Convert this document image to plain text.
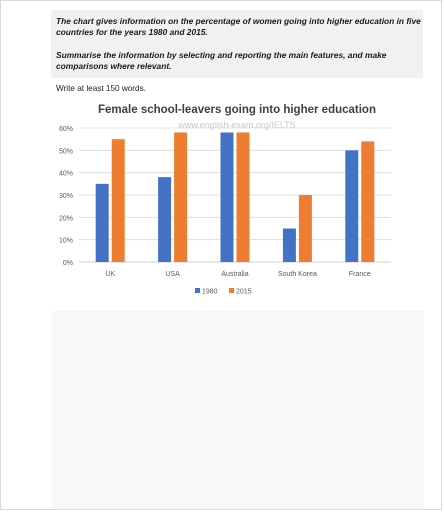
The chart gives information on the percentage of women going into higher education in five countries for the years 1980 and 2015.

Summarise the information by selecting and reporting the main features, and make comparisons where relevant.

Write at least 150 words.

Female school-leavers going into higher education
www.english-exam.org/IELTS
0%
10%
20%
30%
40%
50%
60%
UK	USA	Australia	South Korea	France
1980	2015
